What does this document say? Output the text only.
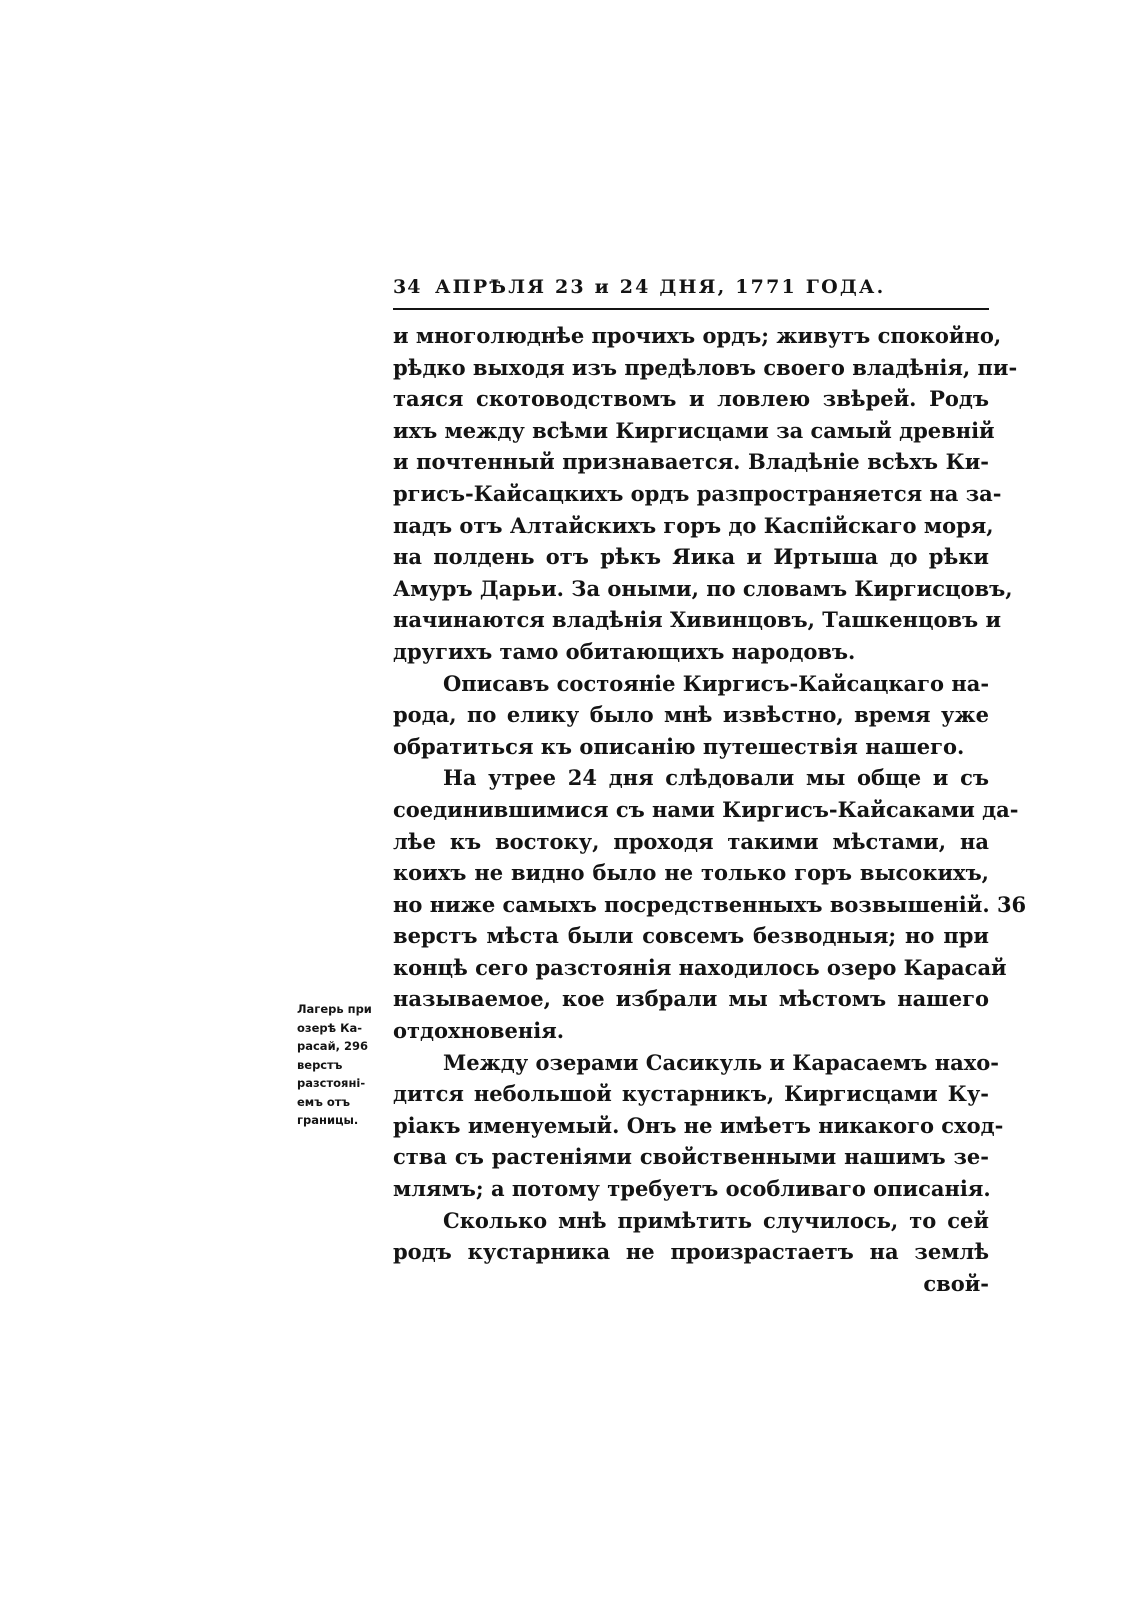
34 АПРѢЛЯ 23 и 24 ДНЯ, 1771 ГОДА.
и многолюднѣе прочихъ ордъ; живутъ спокойно,
рѣдко выходя изъ предѣловъ своего владѣнія, пи-
таяся скотоводствомъ и ловлею звѣрей. Родъ
ихъ между всѣми Киргисцами за самый древній
и почтенный признавается. Владѣніе всѣхъ Ки-
ргисъ-Кайсацкихъ ордъ разпространяется на за-
падъ отъ Алтайскихъ горъ до Каспійскаго моря,
на полдень отъ рѣкъ Яика и Иртыша до рѣки
Амуръ Дарьи. За оными, по словамъ Киргисцовъ,
начинаются владѣнія Хивинцовъ, Ташкенцовъ и
другихъ тамо обитающихъ народовъ.
Описавъ состояніе Киргисъ-Кайсацкаго на-
рода, по елику было мнѣ извѣстно, время уже
обратиться къ описанію путешествія нашего.
На утрее 24 дня слѣдовали мы обще и съ
соединившимися съ нами Киргисъ-Кайсаками да-
лѣе къ востоку, проходя такими мѣстами, на
коихъ не видно было не только горъ высокихъ,
но ниже самыхъ посредственныхъ возвышеній. 36
верстъ мѣста были совсемъ безводныя; но при
концѣ сего разстоянія находилось озеро Карасай
называемое, кое избрали мы мѣстомъ нашего
отдохновенія.
Между озерами Сасикуль и Карасаемъ нахо-
дится небольшой кустарникъ, Киргисцами Ку-
ріакъ именуемый. Онъ не имѣетъ никакого сход-
ства съ растеніями свойственными нашимъ зе-
млямъ; а потому требуетъ особливаго описанія.
Сколько мнѣ примѣтить случилось, то сей
родъ кустарника не произрастаетъ на землѣ
свой-
Лагерь при
озерѣ Ка-
расай, 296
верстъ
разстояні-
емъ отъ
границы.
